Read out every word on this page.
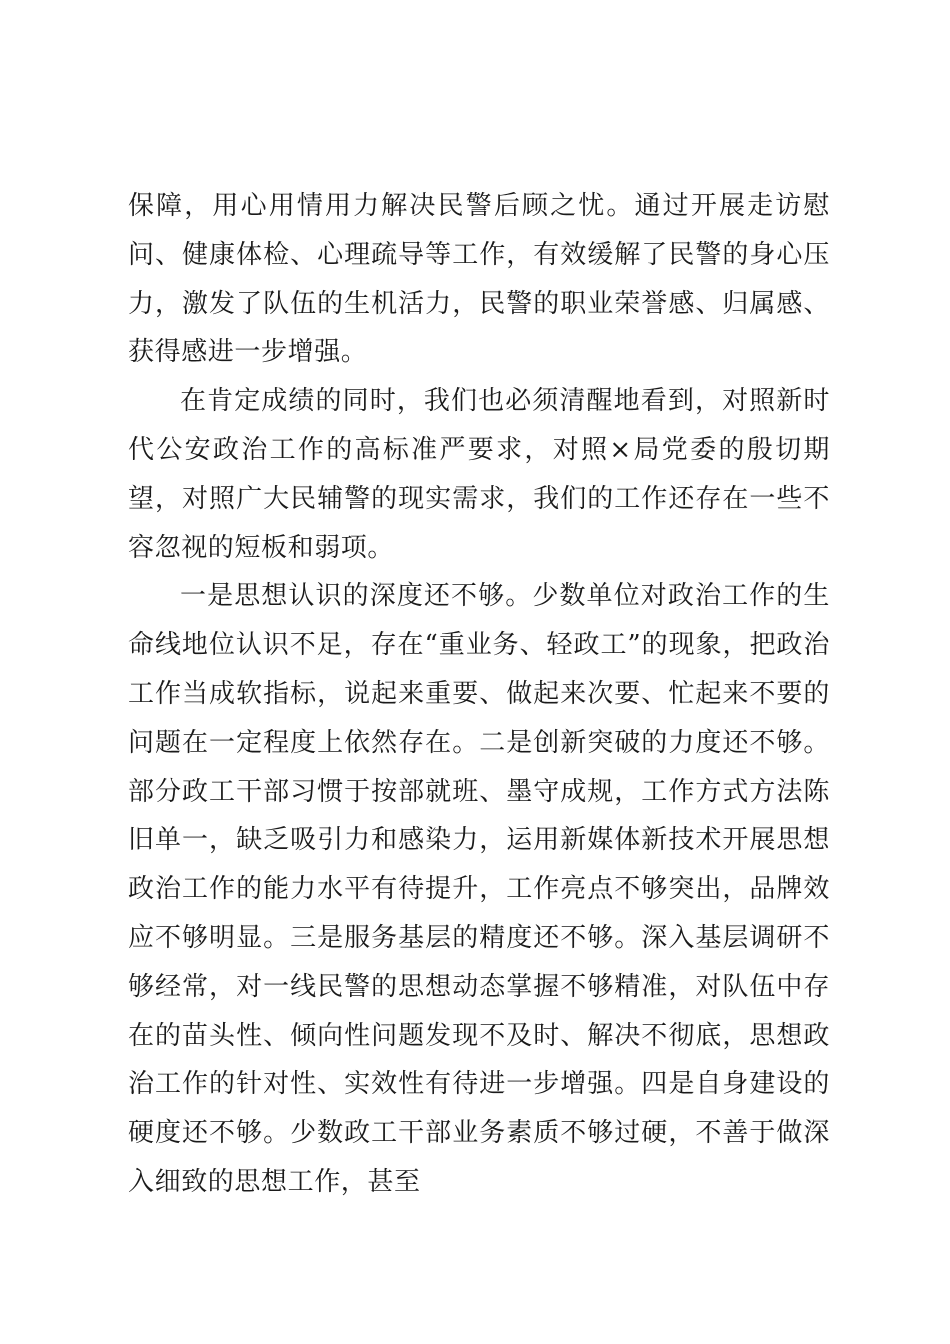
保障，用心用情用力解决民警后顾之忧。通过开展走访慰问、健康体检、心理疏导等工作，有效缓解了民警的身心压力，激发了队伍的生机活力，民警的职业荣誉感、归属感、获得感进一步增强。

在肯定成绩的同时，我们也必须清醒地看到，对照新时代公安政治工作的高标准严要求，对照×局党委的殷切期望，对照广大民辅警的现实需求，我们的工作还存在一些不容忽视的短板和弱项。

一是思想认识的深度还不够。少数单位对政治工作的生命线地位认识不足，存在“重业务、轻政工”的现象，把政治工作当成软指标，说起来重要、做起来次要、忙起来不要的问题在一定程度上依然存在。二是创新突破的力度还不够。部分政工干部习惯于按部就班、墨守成规，工作方式方法陈旧单一，缺乏吸引力和感染力，运用新媒体新技术开展思想政治工作的能力水平有待提升，工作亮点不够突出，品牌效应不够明显。三是服务基层的精度还不够。深入基层调研不够经常，对一线民警的思想动态掌握不够精准，对队伍中存在的苗头性、倾向性问题发现不及时、解决不彻底，思想政治工作的针对性、实效性有待进一步增强。四是自身建设的硬度还不够。少数政工干部业务素质不够过硬，不善于做深入细致的思想工作，甚至
